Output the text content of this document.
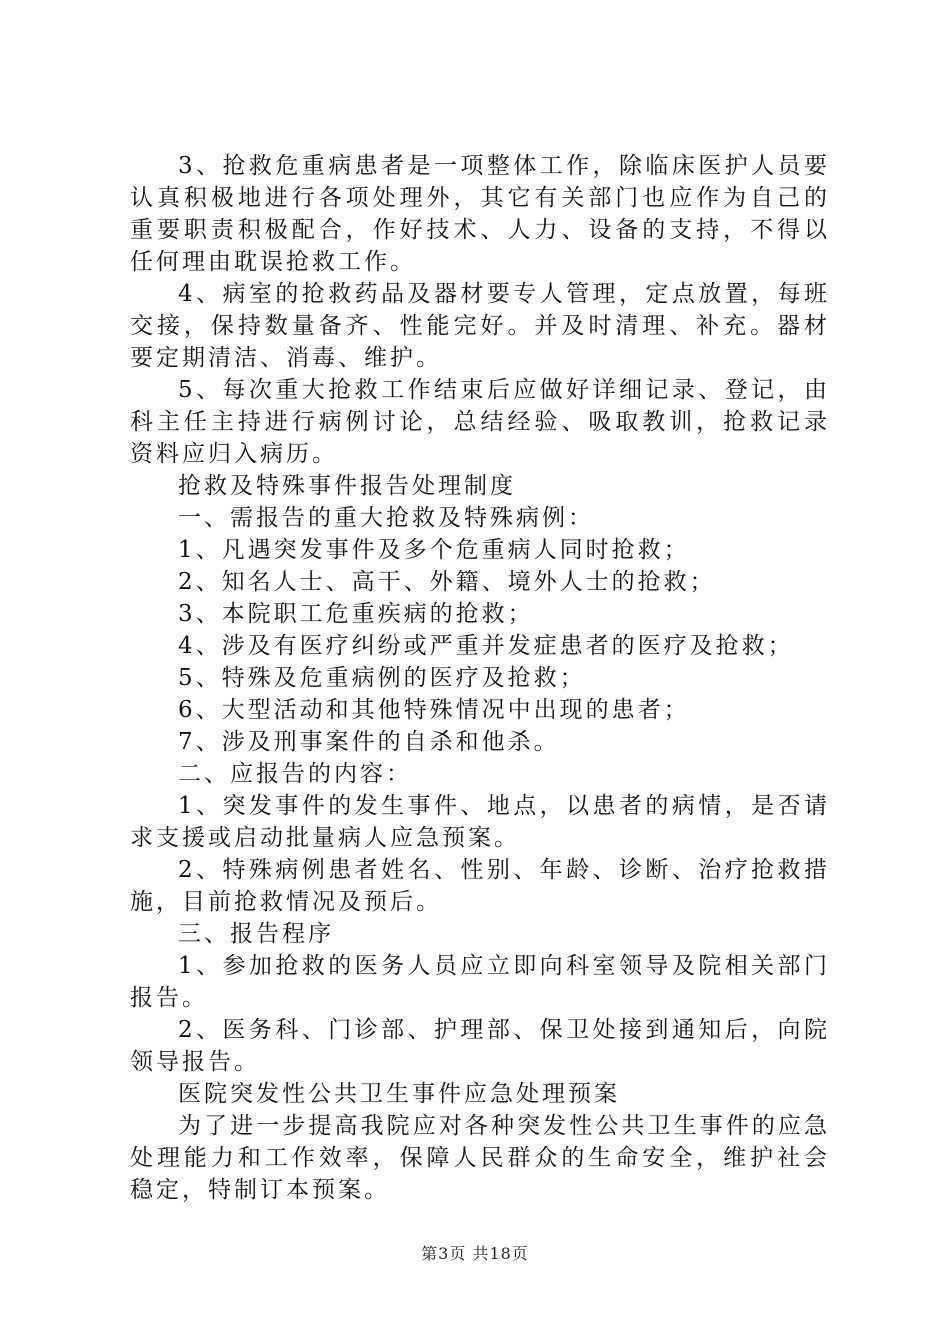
3、抢救危重病患者是一项整体工作，除临床医护人员要认真积极地进行各项处理外，其它有关部门也应作为自己的重要职责积极配合，作好技术、人力、设备的支持，不得以任何理由耽误抢救工作。

4、病室的抢救药品及器材要专人管理，定点放置，每班交接，保持数量备齐、性能完好。并及时清理、补充。器材要定期清洁、消毒、维护。

5、每次重大抢救工作结束后应做好详细记录、登记，由科主任主持进行病例讨论，总结经验、吸取教训，抢救记录资料应归入病历。

抢救及特殊事件报告处理制度

一、需报告的重大抢救及特殊病例：

1、凡遇突发事件及多个危重病人同时抢救；

2、知名人士、高干、外籍、境外人士的抢救；

3、本院职工危重疾病的抢救；

4、涉及有医疗纠纷或严重并发症患者的医疗及抢救；

5、特殊及危重病例的医疗及抢救；

6、大型活动和其他特殊情况中出现的患者；

7、涉及刑事案件的自杀和他杀。

二、应报告的内容：

1、突发事件的发生事件、地点，以患者的病情，是否请求支援或启动批量病人应急预案。

2、特殊病例患者姓名、性别、年龄、诊断、治疗抢救措施，目前抢救情况及预后。

三、报告程序

1、参加抢救的医务人员应立即向科室领导及院相关部门报告。

2、医务科、门诊部、护理部、保卫处接到通知后，向院领导报告。

医院突发性公共卫生事件应急处理预案

为了进一步提高我院应对各种突发性公共卫生事件的应急处理能力和工作效率，保障人民群众的生命安全，维护社会稳定，特制订本预案。

第3页 共18页
